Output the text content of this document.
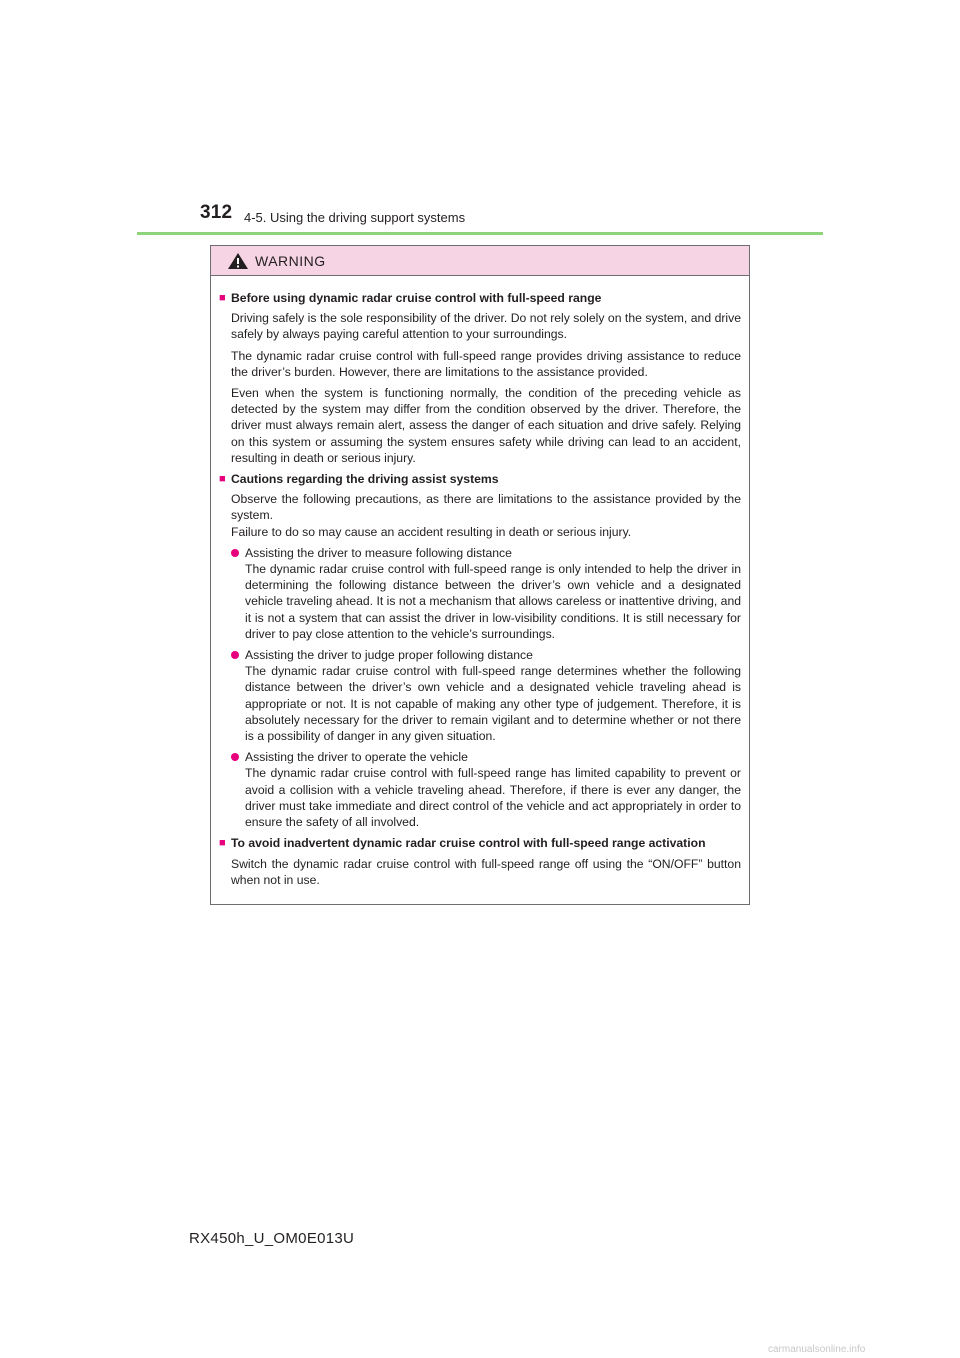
312 4-5. Using the driving support systems
WARNING
■ Before using dynamic radar cruise control with full-speed range
Driving safely is the sole responsibility of the driver. Do not rely solely on the system, and drive safely by always paying careful attention to your surroundings.
The dynamic radar cruise control with full-speed range provides driving assistance to reduce the driver’s burden. However, there are limitations to the assistance provided.
Even when the system is functioning normally, the condition of the preceding vehicle as detected by the system may differ from the condition observed by the driver. Therefore, the driver must always remain alert, assess the danger of each situation and drive safely. Relying on this system or assuming the system ensures safety while driving can lead to an accident, resulting in death or serious injury.
■ Cautions regarding the driving assist systems
Observe the following precautions, as there are limitations to the assistance provided by the system.
Failure to do so may cause an accident resulting in death or serious injury.
Assisting the driver to measure following distance
The dynamic radar cruise control with full-speed range is only intended to help the driver in determining the following distance between the driver’s own vehicle and a designated vehicle traveling ahead. It is not a mechanism that allows careless or inattentive driving, and it is not a system that can assist the driver in low-visibility conditions. It is still necessary for driver to pay close attention to the vehicle’s surroundings.
Assisting the driver to judge proper following distance
The dynamic radar cruise control with full-speed range determines whether the following distance between the driver’s own vehicle and a designated vehicle traveling ahead is appropriate or not. It is not capable of making any other type of judgement. Therefore, it is absolutely necessary for the driver to remain vigilant and to determine whether or not there is a possibility of danger in any given situation.
Assisting the driver to operate the vehicle
The dynamic radar cruise control with full-speed range has limited capability to prevent or avoid a collision with a vehicle traveling ahead. Therefore, if there is ever any danger, the driver must take immediate and direct control of the vehicle and act appropriately in order to ensure the safety of all involved.
■ To avoid inadvertent dynamic radar cruise control with full-speed range activation
Switch the dynamic radar cruise control with full-speed range off using the “ON/OFF” button when not in use.
RX450h_U_OM0E013U
carmanualsonline.info
